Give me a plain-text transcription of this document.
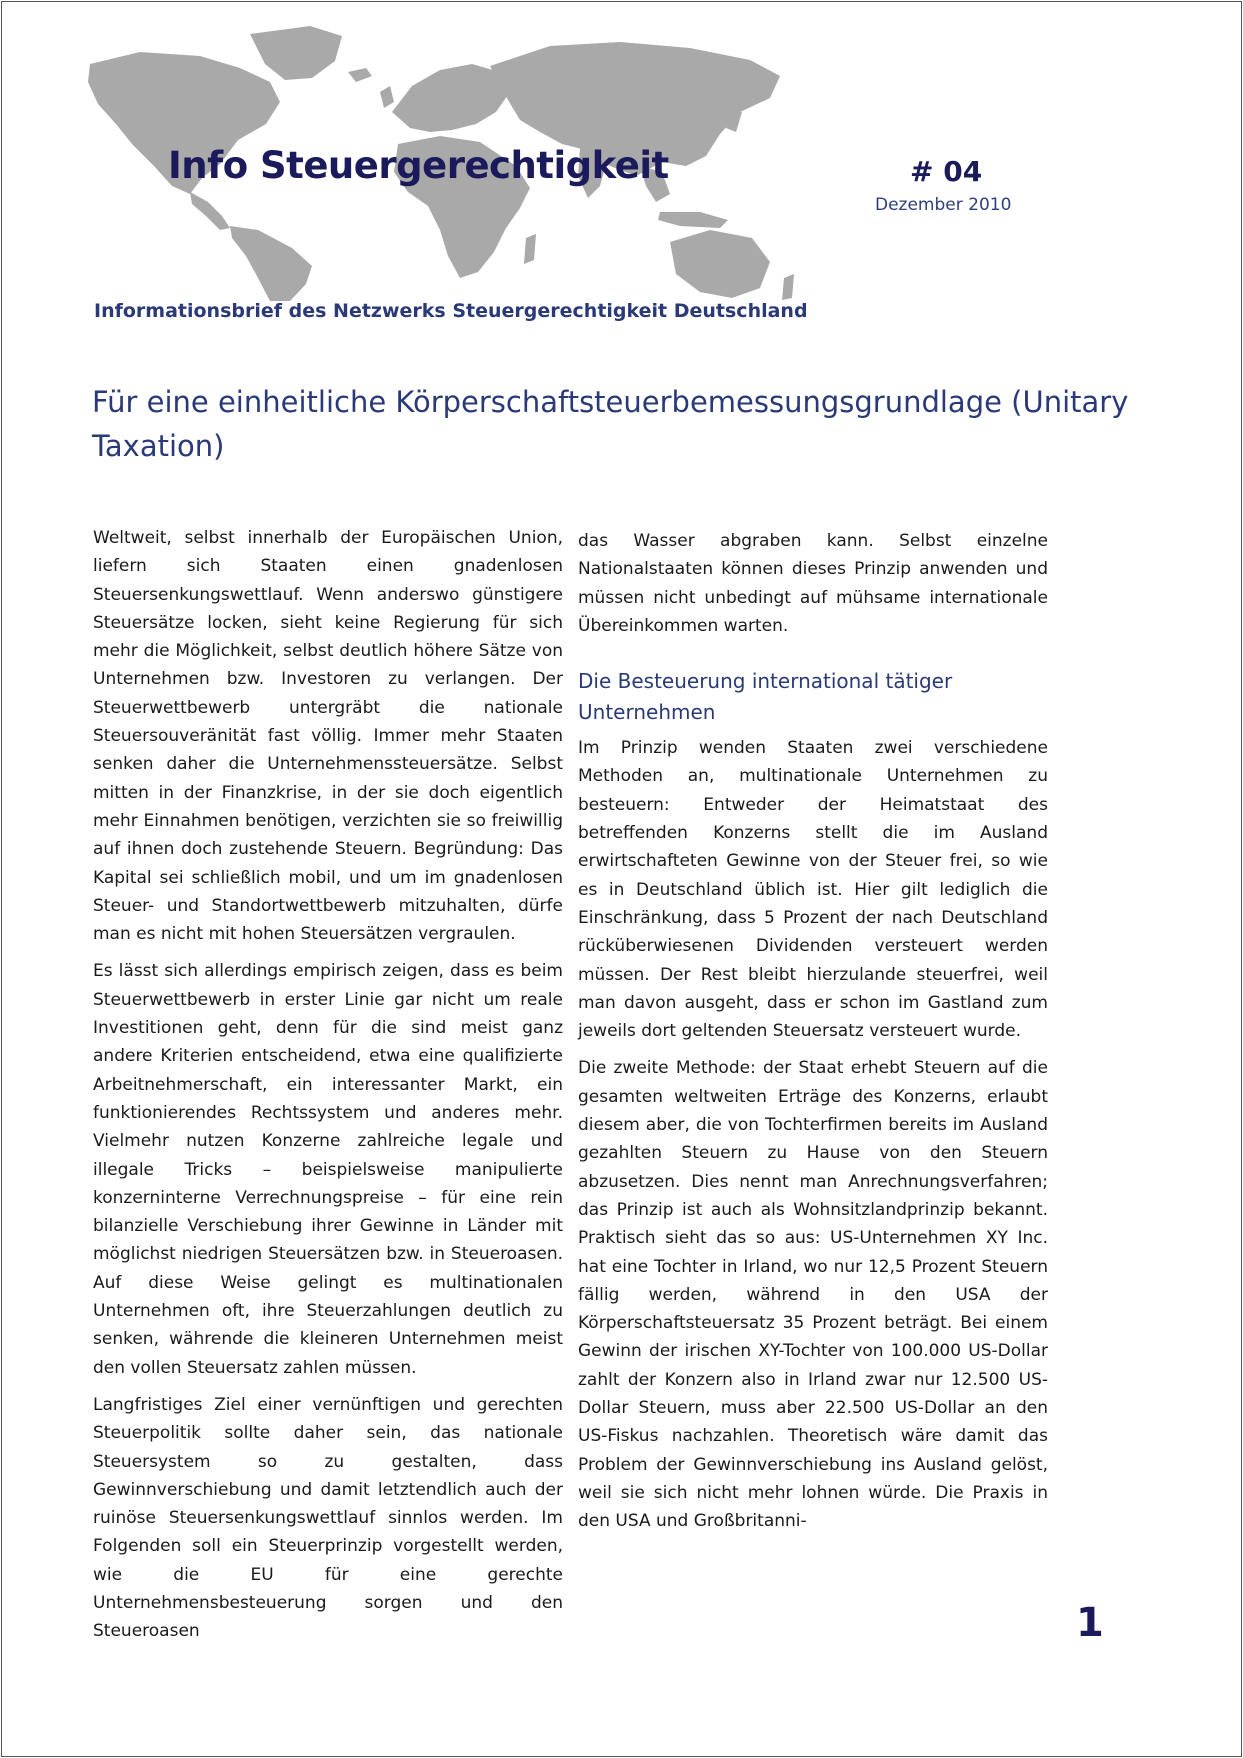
Info Steuergerechtigkeit	# 04
Dezember 2010
Informationsbrief des Netzwerks Steuergerechtigkeit Deutschland
Für eine einheitliche Körperschaftsteuerbemessungsgrundlage (Unitary Taxation)

Weltweit, selbst innerhalb der Europäischen Union, liefern sich Staaten einen gnadenlosen Steuersenkungswettlauf. Wenn anderswo günstigere Steuersätze locken, sieht keine Regierung für sich mehr die Möglichkeit, selbst deutlich höhere Sätze von Unternehmen bzw. Investoren zu verlangen. Der Steuerwettbewerb untergräbt die nationale Steuersouveränität fast völlig. Immer mehr Staaten senken daher die Unternehmenssteuersätze. Selbst mitten in der Finanzkrise, in der sie doch eigentlich mehr Einnahmen benötigen, verzichten sie so freiwillig auf ihnen doch zustehende Steuern. Begründung: Das Kapital sei schließlich mobil, und um im gnadenlosen Steuer- und Standortwettbewerb mitzuhalten, dürfe man es nicht mit hohen Steuersätzen vergraulen.

Es lässt sich allerdings empirisch zeigen, dass es beim Steuerwettbewerb in erster Linie gar nicht um reale Investitionen geht, denn für die sind meist ganz andere Kriterien entscheidend, etwa eine qualifizierte Arbeitnehmerschaft, ein interessanter Markt, ein funktionierendes Rechtssystem und anderes mehr. Vielmehr nutzen Konzerne zahlreiche legale und illegale Tricks – beispielsweise manipulierte konzerninterne Verrechnungspreise – für eine rein bilanzielle Verschiebung ihrer Gewinne in Länder mit möglichst niedrigen Steuersätzen bzw. in Steueroasen. Auf diese Weise gelingt es multinationalen Unternehmen oft, ihre Steuerzahlungen deutlich zu senken, währende die kleineren Unternehmen meist den vollen Steuersatz zahlen müssen.

Langfristiges Ziel einer vernünftigen und gerechten Steuerpolitik sollte daher sein, das nationale Steuersystem so zu gestalten, dass Gewinnverschiebung und damit letztendlich auch der ruinöse Steuersenkungswettlauf sinnlos werden. Im Folgenden soll ein Steuerprinzip vorgestellt werden, wie die EU für eine gerechte Unternehmensbesteuerung sorgen und den Steueroasen

das Wasser abgraben kann. Selbst einzelne Nationalstaaten können dieses Prinzip anwenden und müssen nicht unbedingt auf mühsame internationale Übereinkommen warten.

Die Besteuerung international tätiger Unternehmen

Im Prinzip wenden Staaten zwei verschiedene Methoden an, multinationale Unternehmen zu besteuern: Entweder der Heimatstaat des betreffenden Konzerns stellt die im Ausland erwirtschafteten Gewinne von der Steuer frei, so wie es in Deutschland üblich ist. Hier gilt lediglich die Einschränkung, dass 5 Prozent der nach Deutschland rücküberwiesenen Dividenden versteuert werden müssen. Der Rest bleibt hierzulande steuerfrei, weil man davon ausgeht, dass er schon im Gastland zum jeweils dort geltenden Steuersatz versteuert wurde.

Die zweite Methode: der Staat erhebt Steuern auf die gesamten weltweiten Erträge des Konzerns, erlaubt diesem aber, die von Tochterfirmen bereits im Ausland gezahlten Steuern zu Hause von den Steuern abzusetzen. Dies nennt man Anrechnungsverfahren; das Prinzip ist auch als Wohnsitzlandprinzip bekannt. Praktisch sieht das so aus: US-Unternehmen XY Inc. hat eine Tochter in Irland, wo nur 12,5 Prozent Steuern fällig werden, während in den USA der Körperschaftsteuersatz 35 Prozent beträgt. Bei einem Gewinn der irischen XY-Tochter von 100.000 US-Dollar zahlt der Konzern also in Irland zwar nur 12.500 US-Dollar Steuern, muss aber 22.500 US-Dollar an den US-Fiskus nachzahlen. Theoretisch wäre damit das Problem der Gewinnverschiebung ins Ausland gelöst, weil sie sich nicht mehr lohnen würde. Die Praxis in den USA und Großbritanni-

1
